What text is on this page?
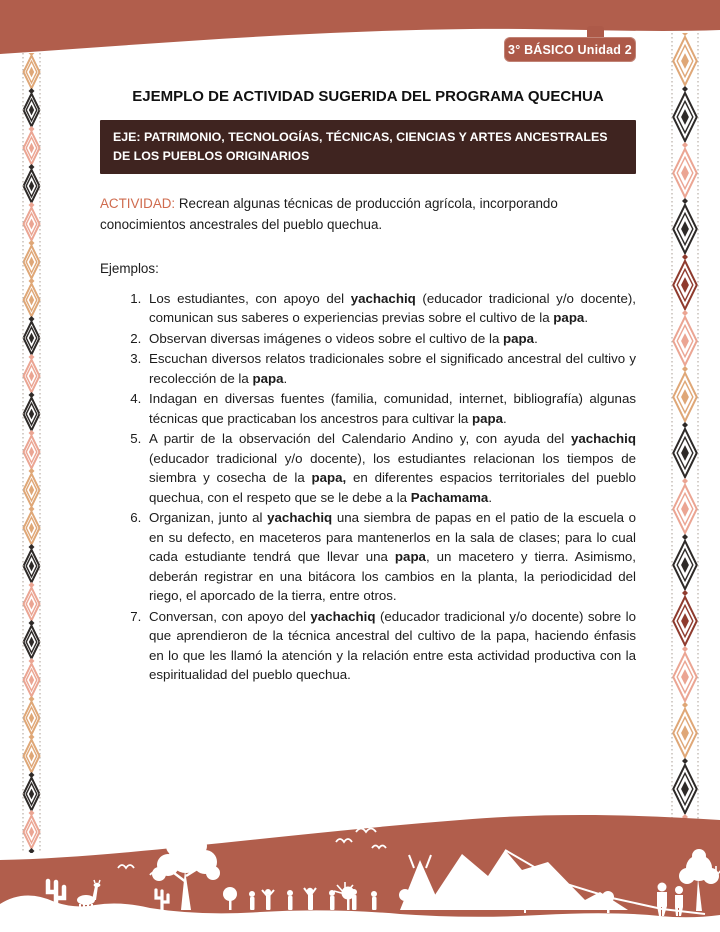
3° BÁSICO Unidad 2
EJEMPLO DE ACTIVIDAD SUGERIDA DEL PROGRAMA QUECHUA
EJE: PATRIMONIO, TECNOLOGÍAS, TÉCNICAS, CIENCIAS Y ARTES ANCESTRALES DE LOS PUEBLOS ORIGINARIOS
ACTIVIDAD: Recrean algunas técnicas de producción agrícola, incorporando conocimientos ancestrales del pueblo quechua.
Ejemplos:
1. Los estudiantes, con apoyo del yachachiq (educador tradicional y/o docente), comunican sus saberes o experiencias previas sobre el cultivo de la papa.
2. Observan diversas imágenes o videos sobre el cultivo de la papa.
3. Escuchan diversos relatos tradicionales sobre el significado ancestral del cultivo y recolección de la papa.
4. Indagan en diversas fuentes (familia, comunidad, internet, bibliografía) algunas técnicas que practicaban los ancestros para cultivar la papa.
5. A partir de la observación del Calendario Andino y, con ayuda del yachachiq (educador tradicional y/o docente), los estudiantes relacionan los tiempos de siembra y cosecha de la papa, en diferentes espacios territoriales del pueblo quechua, con el respeto que se le debe a la Pachamama.
6. Organizan, junto al yachachiq una siembra de papas en el patio de la escuela o en su defecto, en maceteros para mantenerlos en la sala de clases; para lo cual cada estudiante tendrá que llevar una papa, un macetero y tierra. Asimismo, deberán registrar en una bitácora los cambios en la planta, la periodicidad del riego, el aporcado de la tierra, entre otros.
7. Conversan, con apoyo del yachachiq (educador tradicional y/o docente) sobre lo que aprendieron de la técnica ancestral del cultivo de la papa, haciendo énfasis en lo que les llamó la atención y la relación entre esta actividad productiva con la espiritualidad del pueblo quechua.
